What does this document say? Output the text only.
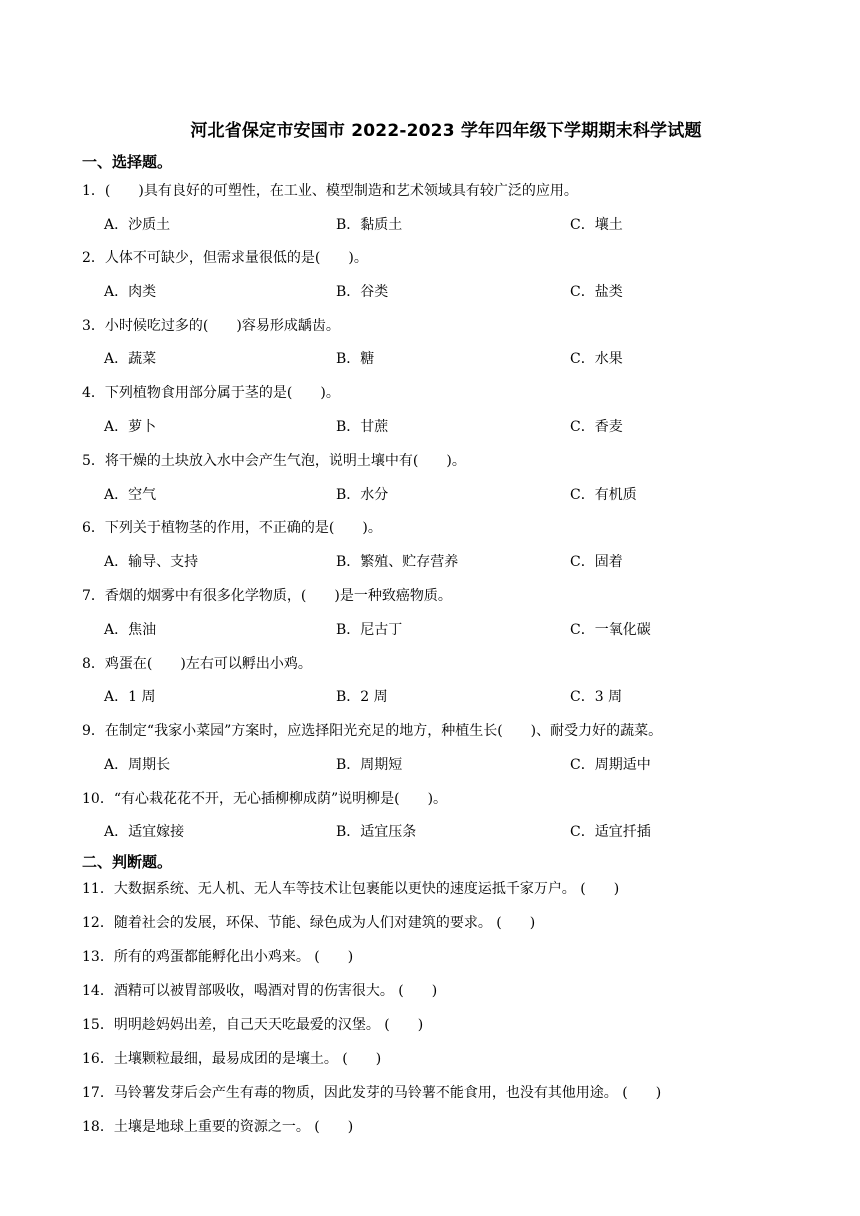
河北省保定市安国市 2022-2023 学年四年级下学期期末科学试题
一、选择题。
1．(　　)具有良好的可塑性，在工业、模型制造和艺术领域具有较广泛的应用。
A．沙质土	B．黏质土	C．壤土
2．人体不可缺少，但需求量很低的是(　　)。
A．肉类	B．谷类	C．盐类
3．小时候吃过多的(　　)容易形成龋齿。
A．蔬菜	B．糖	C．水果
4．下列植物食用部分属于茎的是(　　)。
A．萝卜	B．甘蔗	C．香麦
5．将干燥的土块放入水中会产生气泡，说明土壤中有(　　)。
A．空气	B．水分	C．有机质
6．下列关于植物茎的作用，不正确的是(　　)。
A．输导、支持	B．繁殖、贮存营养	C．固着
7．香烟的烟雾中有很多化学物质，(　　)是一种致癌物质。
A．焦油	B．尼古丁	C．一氧化碳
8．鸡蛋在(　　)左右可以孵出小鸡。
A．1 周	B．2 周	C．3 周
9．在制定“我家小菜园”方案时，应选择阳光充足的地方，种植生长(　　)、耐受力好的蔬菜。
A．周期长	B．周期短	C．周期适中
10．“有心栽花花不开，无心插柳柳成荫”说明柳是(　　)。
A．适宜嫁接	B．适宜压条	C．适宜扦插
二、判断题。
11．大数据系统、无人机、无人车等技术让包裹能以更快的速度运抵千家万户。 (　　)
12．随着社会的发展，环保、节能、绿色成为人们对建筑的要求。 (　　)
13．所有的鸡蛋都能孵化出小鸡来。 (　　)
14．酒精可以被胃部吸收，喝酒对胃的伤害很大。 (　　)
15．明明趁妈妈出差，自己天天吃最爱的汉堡。 (　　)
16．土壤颗粒最细，最易成团的是壤土。 (　　)
17．马铃薯发芽后会产生有毒的物质，因此发芽的马铃薯不能食用，也没有其他用途。 (　　)
18．土壤是地球上重要的资源之一。 (　　)
